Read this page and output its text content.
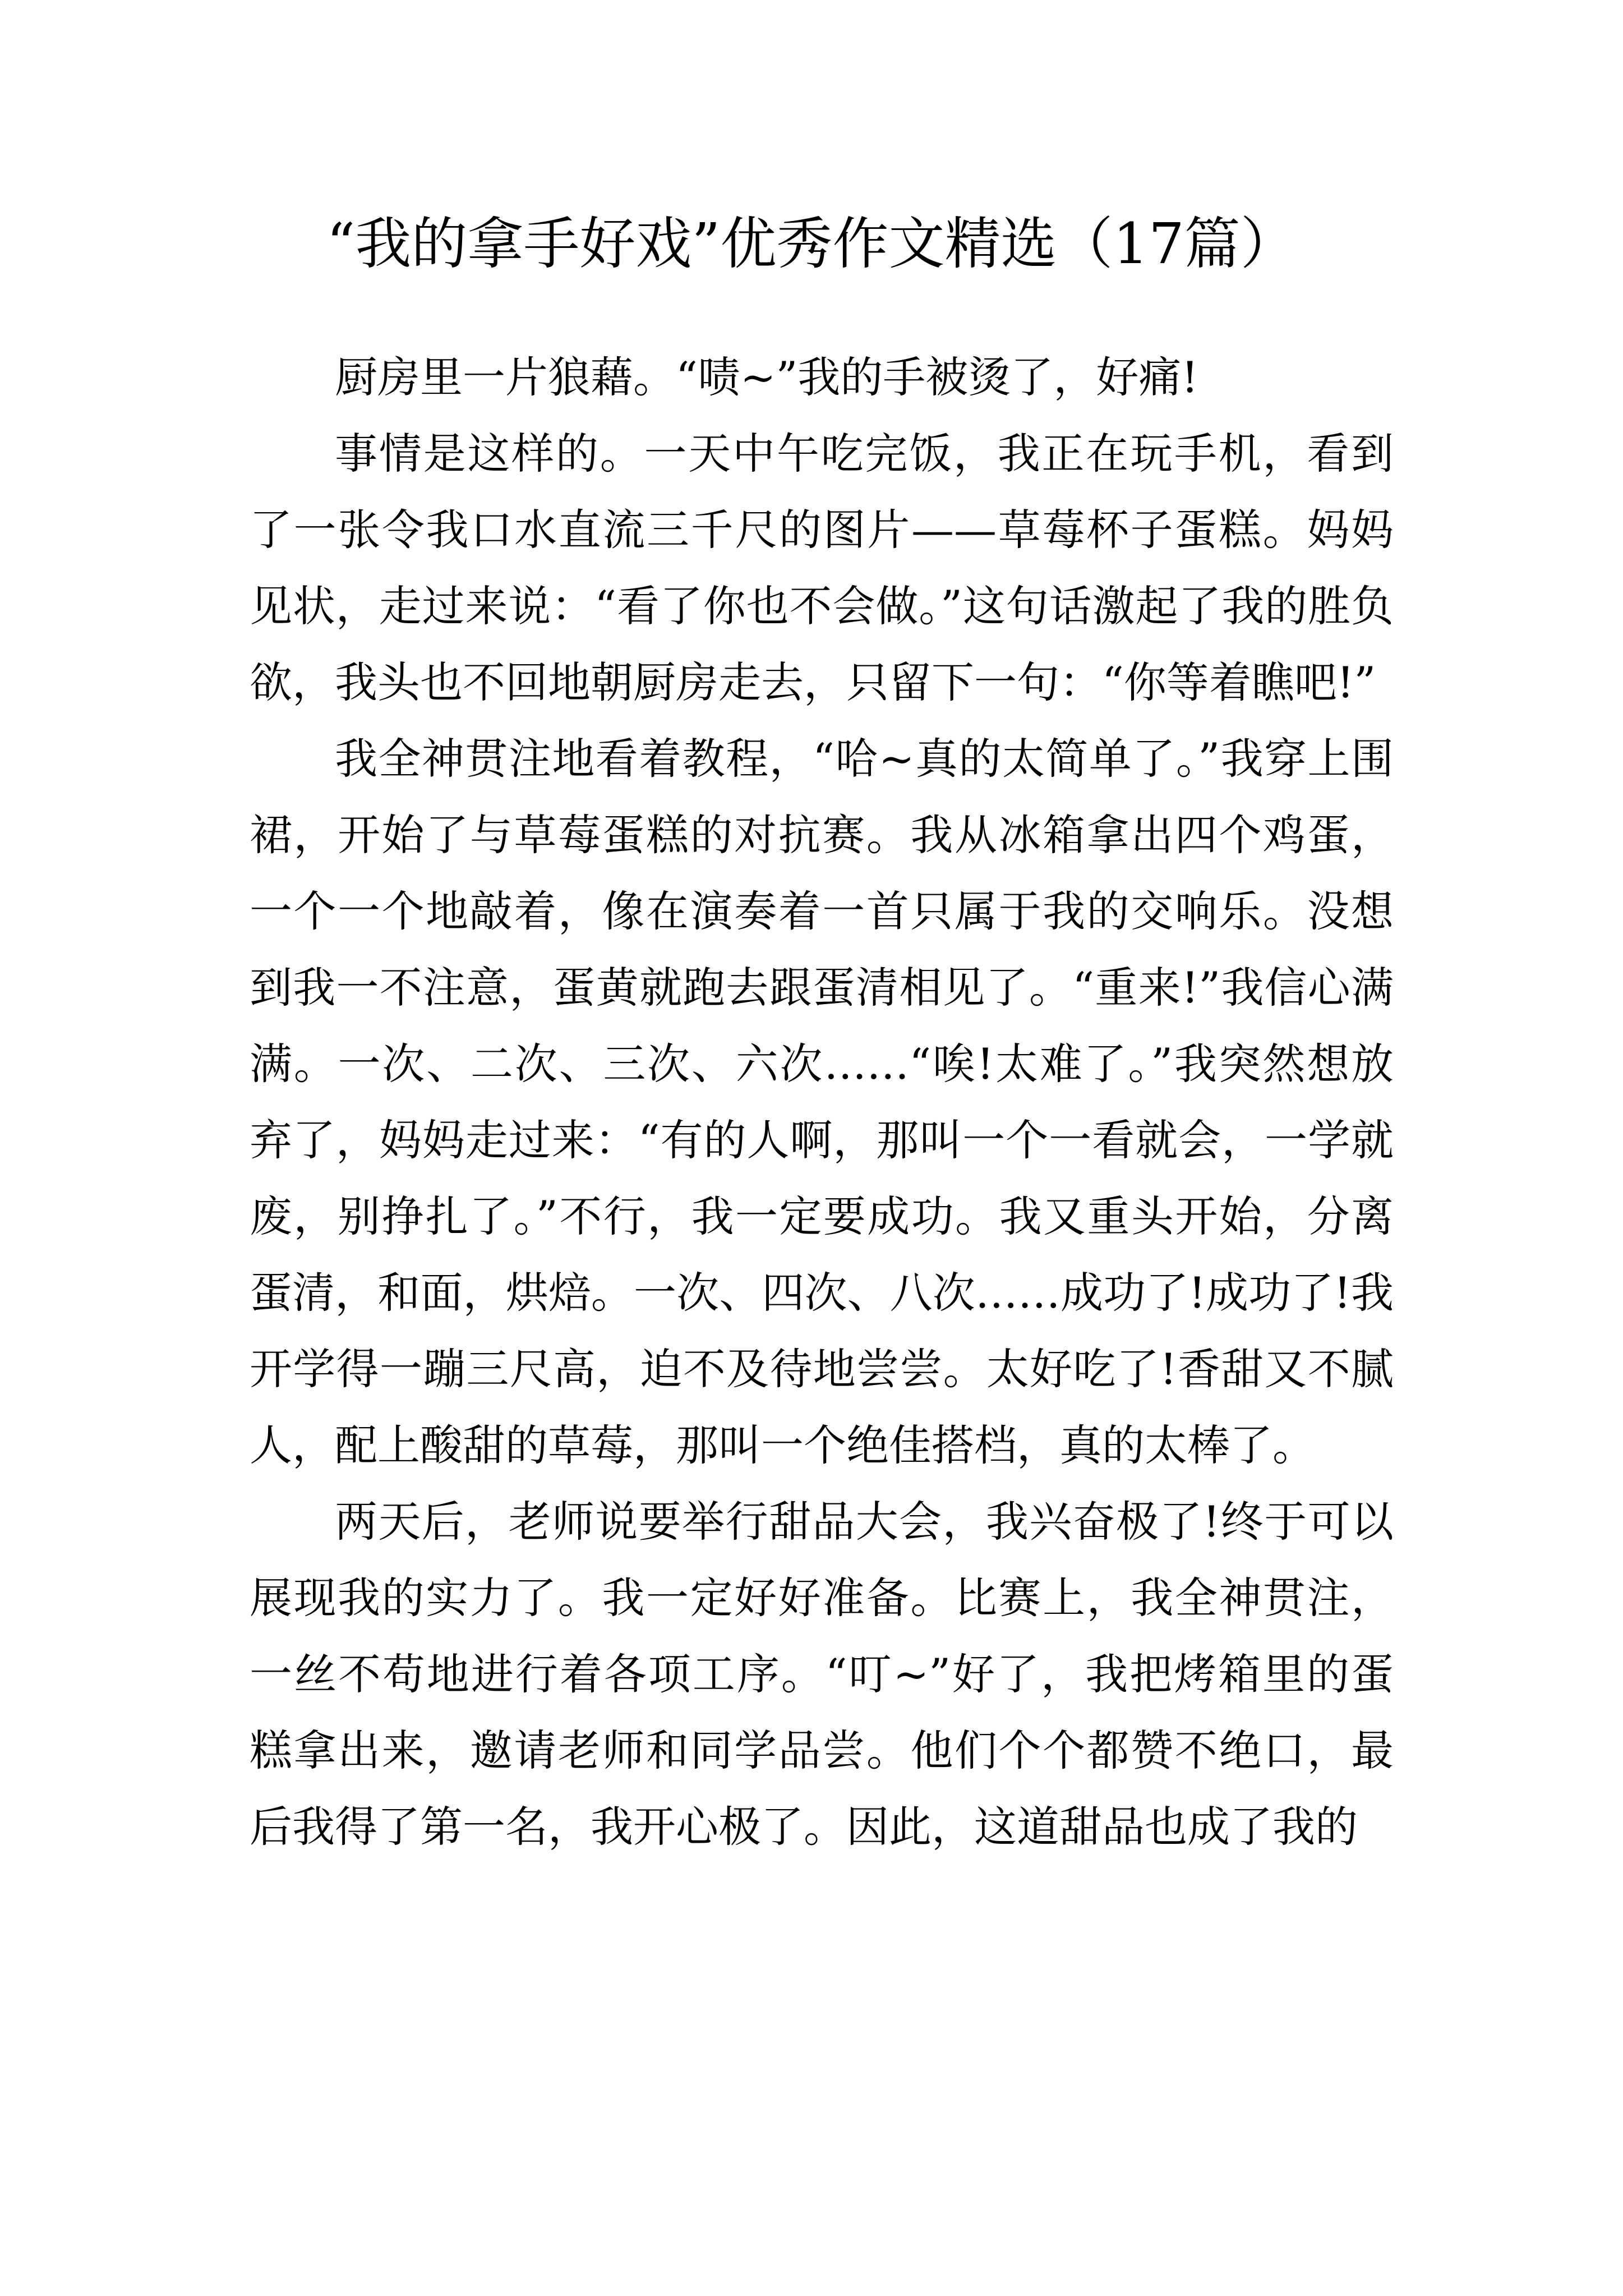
“我的拿手好戏”优秀作文精选（17篇）

厨房里一片狼藉。“啧~”我的手被烫了，好痛!

事情是这样的。一天中午吃完饭，我正在玩手机，看到了一张令我口水直流三千尺的图片——草莓杯子蛋糕。妈妈见状，走过来说：“看了你也不会做。”这句话激起了我的胜负欲，我头也不回地朝厨房走去，只留下一句：“你等着瞧吧!”

我全神贯注地看着教程，“哈~真的太简单了。”我穿上围裙，开始了与草莓蛋糕的对抗赛。我从冰箱拿出四个鸡蛋，一个一个地敲着，像在演奏着一首只属于我的交响乐。没想到我一不注意，蛋黄就跑去跟蛋清相见了。“重来!”我信心满满。一次、二次、三次、六次……“唉!太难了。”我突然想放弃了，妈妈走过来：“有的人啊，那叫一个一看就会，一学就废，别挣扎了。”不行，我一定要成功。我又重头开始，分离蛋清，和面，烘焙。一次、四次、八次……成功了!成功了!我开学得一蹦三尺高，迫不及待地尝尝。太好吃了!香甜又不腻人，配上酸甜的草莓，那叫一个绝佳搭档，真的太棒了。

两天后，老师说要举行甜品大会，我兴奋极了!终于可以展现我的实力了。我一定好好准备。比赛上，我全神贯注，一丝不苟地进行着各项工序。“叮~”好了，我把烤箱里的蛋糕拿出来，邀请老师和同学品尝。他们个个都赞不绝口，最后我得了第一名，我开心极了。因此，这道甜品也成了我的
